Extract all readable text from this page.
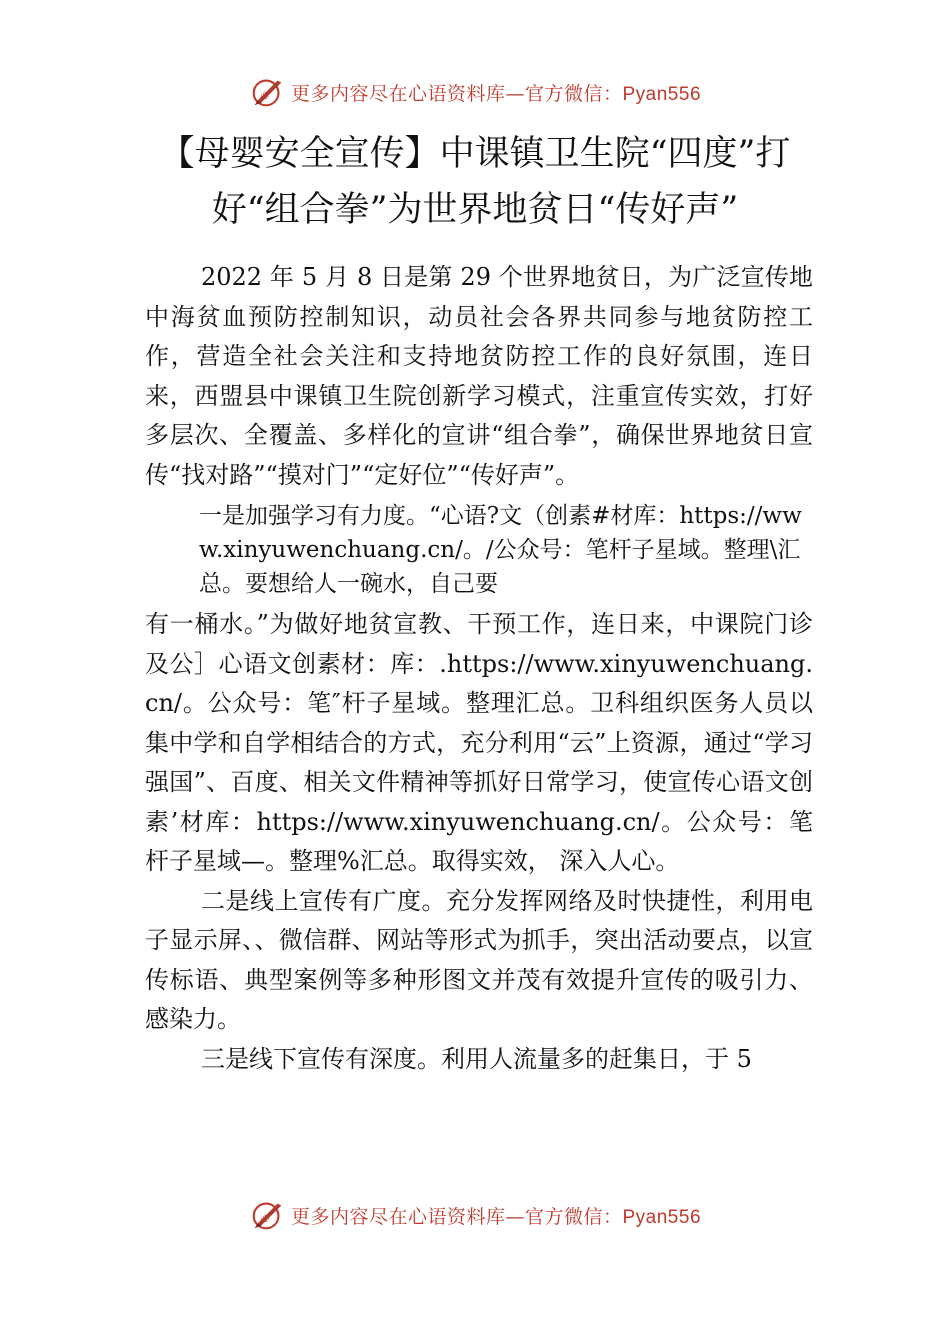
心 更多内容尽在心语资料库—官方微信：Pyan556
【母婴安全宣传】中课镇卫生院“四度”打
好“组合拳”为世界地贫日“传好声”

2022 年 5 月 8 日是第 29 个世界地贫日，为广泛宣传地中海贫血预防控制知识，动员社会各界共同参与地贫防控工作，营造全社会关注和支持地贫防控工作的良好氛围，连日来，西盟县中课镇卫生院创新学习模式，注重宣传实效，打好多层次、全覆盖、多样化的宣讲“组合拳”，确保世界地贫日宣传“找对路”“摸对门”“定好位”“传好声”。

一是加强学习有力度。“心语?文（创素#材库：https://www.xinyuwenchuang.cn/。/公众号：笔杆子星域。整理\汇总。要想给人一碗水，自己要

有一桶水。”为做好地贫宣教、干预工作，连日来，中课院门诊及公］心语文创素材：库：.https://www.xinyuwenchuang.cn/。公众号：笔″杆子星域。整理汇总。卫科组织医务人员以集中学和自学相结合的方式，充分利用“云”上资源，通过“学习强国”、百度、相关文件精神等抓好日常学习，使宣传心语文创素’材库：https://www.xinyuwenchuang.cn/。公众号：笔杆子星域—。整理%汇总。取得实效， 深入人心。

二是线上宣传有广度。充分发挥网络及时快捷性，利用电子显示屏、、微信群、网站等形式为抓手，突出活动要点，以宣传标语、典型案例等多种形图文并茂有效提升宣传的吸引力、感染力。

三是线下宣传有深度。利用人流量多的赶集日，于 5

心 更多内容尽在心语资料库—官方微信：Pyan556
